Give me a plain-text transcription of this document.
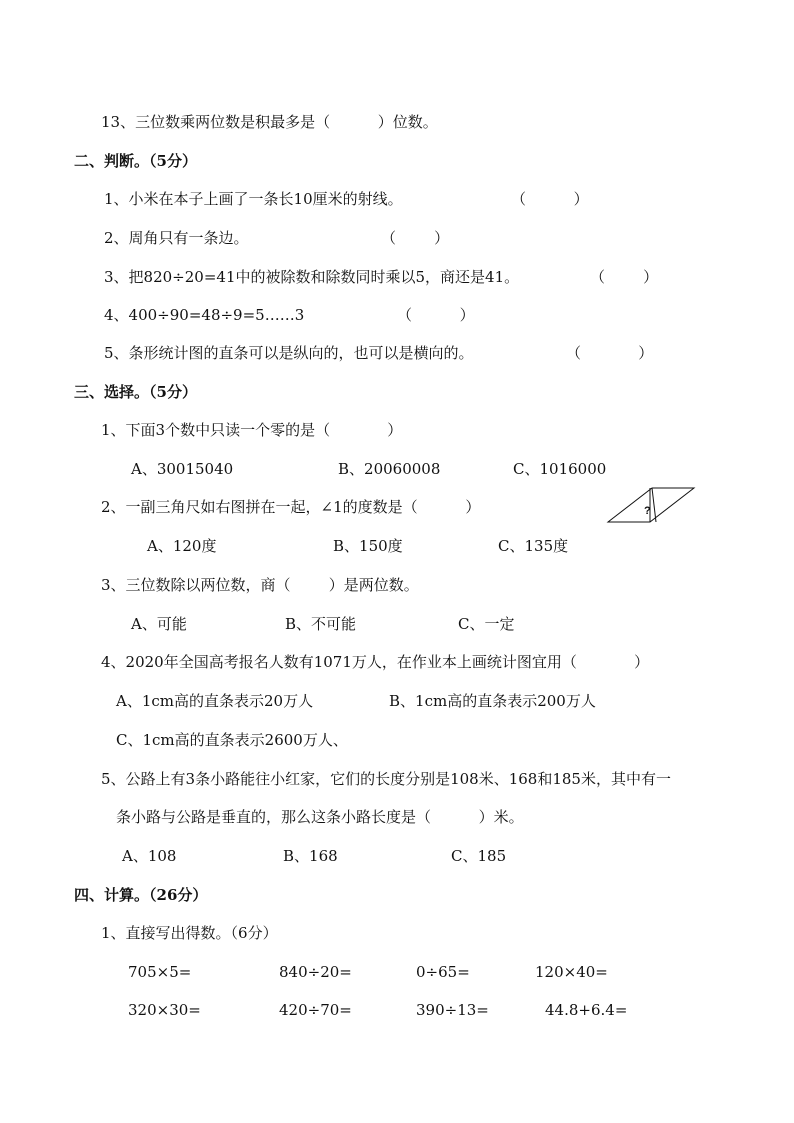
13、三位数乘两位数是积最多是（          ）位数。
二、判断。（5分）
1、小米在本子上画了一条长10厘米的射线。	（          ）
2、周角只有一条边。	（        ）
3、把820÷20=41中的被除数和除数同时乘以5，商还是41。	（        ）
4、400÷90=48÷9=5……3	（          ）
5、条形统计图的直条可以是纵向的，也可以是横向的。	（            ）
三、选择。（5分）
1、下面3个数中只读一个零的是（            ）
A、30015040	B、20060008	C、1016000
2、一副三角尺如右图拼在一起，∠1的度数是（          ）	?
A、120度	B、150度	C、135度
3、三位数除以两位数，商（        ）是两位数。
A、可能	B、不可能	C、一定
4、2020年全国高考报名人数有1071万人，在作业本上画统计图宜用（            ）
A、1cm高的直条表示20万人	B、1cm高的直条表示200万人
C、1cm高的直条表示2600万人、
5、公路上有3条小路能往小红家，它们的长度分别是108米、168和185米，其中有一
条小路与公路是垂直的，那么这条小路长度是（          ）米。
A、108	B、168	C、185
四、计算。（26分）
1、直接写出得数。（6分）
705×5=	840÷20=	0÷65=	120×40=
320×30=	420÷70=	390÷13=	44.8+6.4=
